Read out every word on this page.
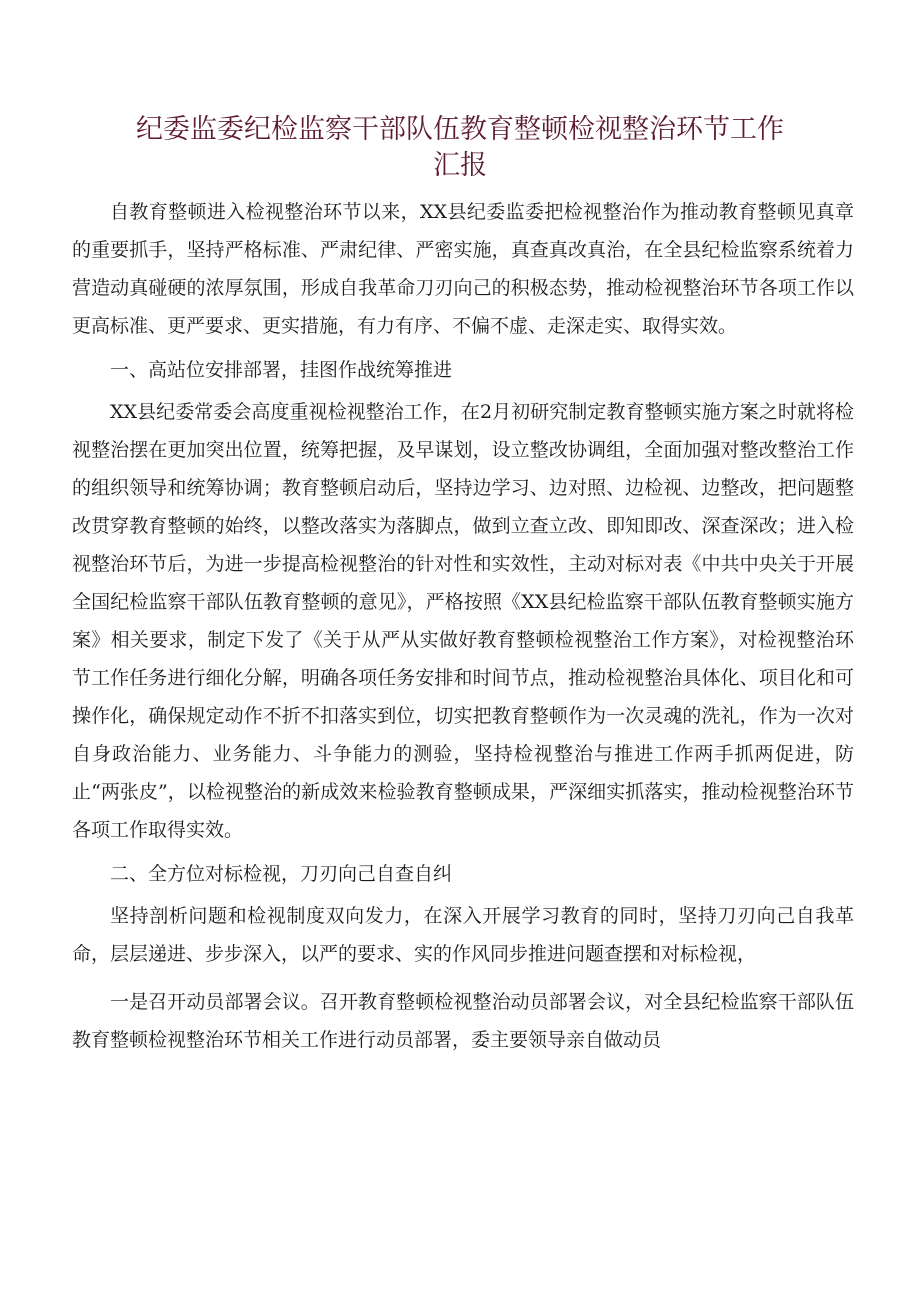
纪委监委纪检监察干部队伍教育整顿检视整治环节工作
汇报

自教育整顿进入检视整治环节以来，XX县纪委监委把检视整治作为推动教育整顿见真章的重要抓手，坚持严格标准、严肃纪律、严密实施，真查真改真治，在全县纪检监察系统着力营造动真碰硬的浓厚氛围，形成自我革命刀刃向己的积极态势，推动检视整治环节各项工作以更高标准、更严要求、更实措施，有力有序、不偏不虚、走深走实、取得实效。

一、高站位安排部署，挂图作战统筹推进

XX县纪委常委会高度重视检视整治工作，在2月初研究制定教育整顿实施方案之时就将检视整治摆在更加突出位置，统筹把握，及早谋划，设立整改协调组，全面加强对整改整治工作的组织领导和统筹协调；教育整顿启动后，坚持边学习、边对照、边检视、边整改，把问题整改贯穿教育整顿的始终，以整改落实为落脚点，做到立查立改、即知即改、深查深改；进入检视整治环节后，为进一步提高检视整治的针对性和实效性，主动对标对表《中共中央关于开展全国纪检监察干部队伍教育整顿的意见》，严格按照《XX县纪检监察干部队伍教育整顿实施方案》相关要求，制定下发了《关于从严从实做好教育整顿检视整治工作方案》，对检视整治环节工作任务进行细化分解，明确各项任务安排和时间节点，推动检视整治具体化、项目化和可操作化，确保规定动作不折不扣落实到位，切实把教育整顿作为一次灵魂的洗礼，作为一次对自身政治能力、业务能力、斗争能力的测验，坚持检视整治与推进工作两手抓两促进，防止“两张皮”，以检视整治的新成效来检验教育整顿成果，严深细实抓落实，推动检视整治环节各项工作取得实效。

二、全方位对标检视，刀刃向己自查自纠

坚持剖析问题和检视制度双向发力，在深入开展学习教育的同时，坚持刀刃向己自我革命，层层递进、步步深入，以严的要求、实的作风同步推进问题查摆和对标检视，

一是召开动员部署会议。召开教育整顿检视整治动员部署会议，对全县纪检监察干部队伍教育整顿检视整治环节相关工作进行动员部署，委主要领导亲自做动员
